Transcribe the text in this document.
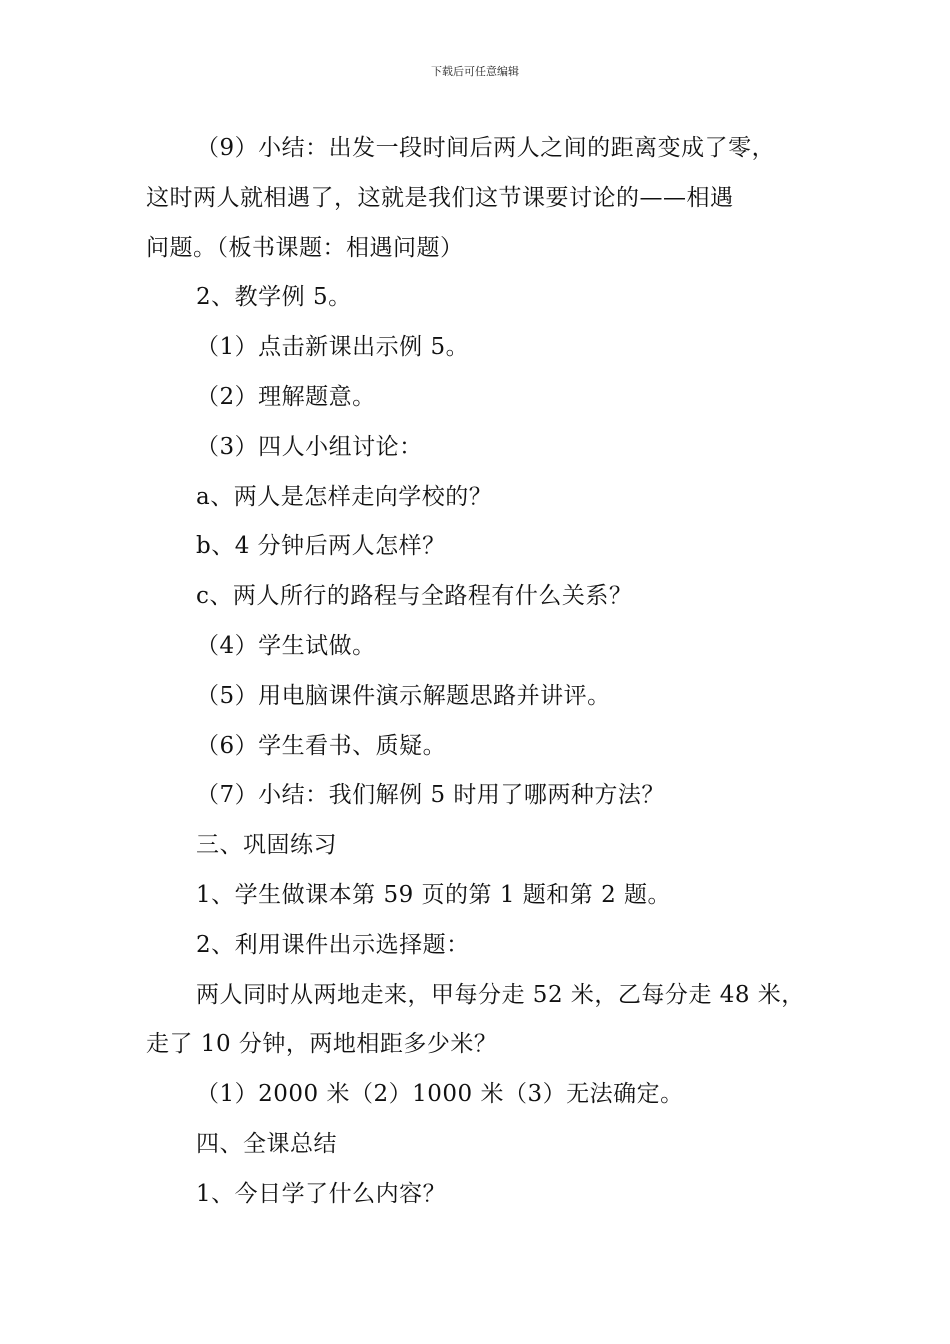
下载后可任意编辑
（9）小结：出发一段时间后两人之间的距离变成了零，
这时两人就相遇了，这就是我们这节课要讨论的——相遇
问题。（板书课题：相遇问题）
2、教学例 5。
（1）点击新课出示例 5。
（2）理解题意。
（3）四人小组讨论：
a、两人是怎样走向学校的？
b、4 分钟后两人怎样？
c、两人所行的路程与全路程有什么关系？
（4）学生试做。
（5）用电脑课件演示解题思路并讲评。
（6）学生看书、质疑。
（7）小结：我们解例 5 时用了哪两种方法？
三、巩固练习
1、学生做课本第 59 页的第 1 题和第 2 题。
2、利用课件出示选择题：
两人同时从两地走来，甲每分走 52 米，乙每分走 48 米，
走了 10 分钟，两地相距多少米？
（1）2000 米（2）1000 米（3）无法确定。
四、全课总结
1、今日学了什么内容？
